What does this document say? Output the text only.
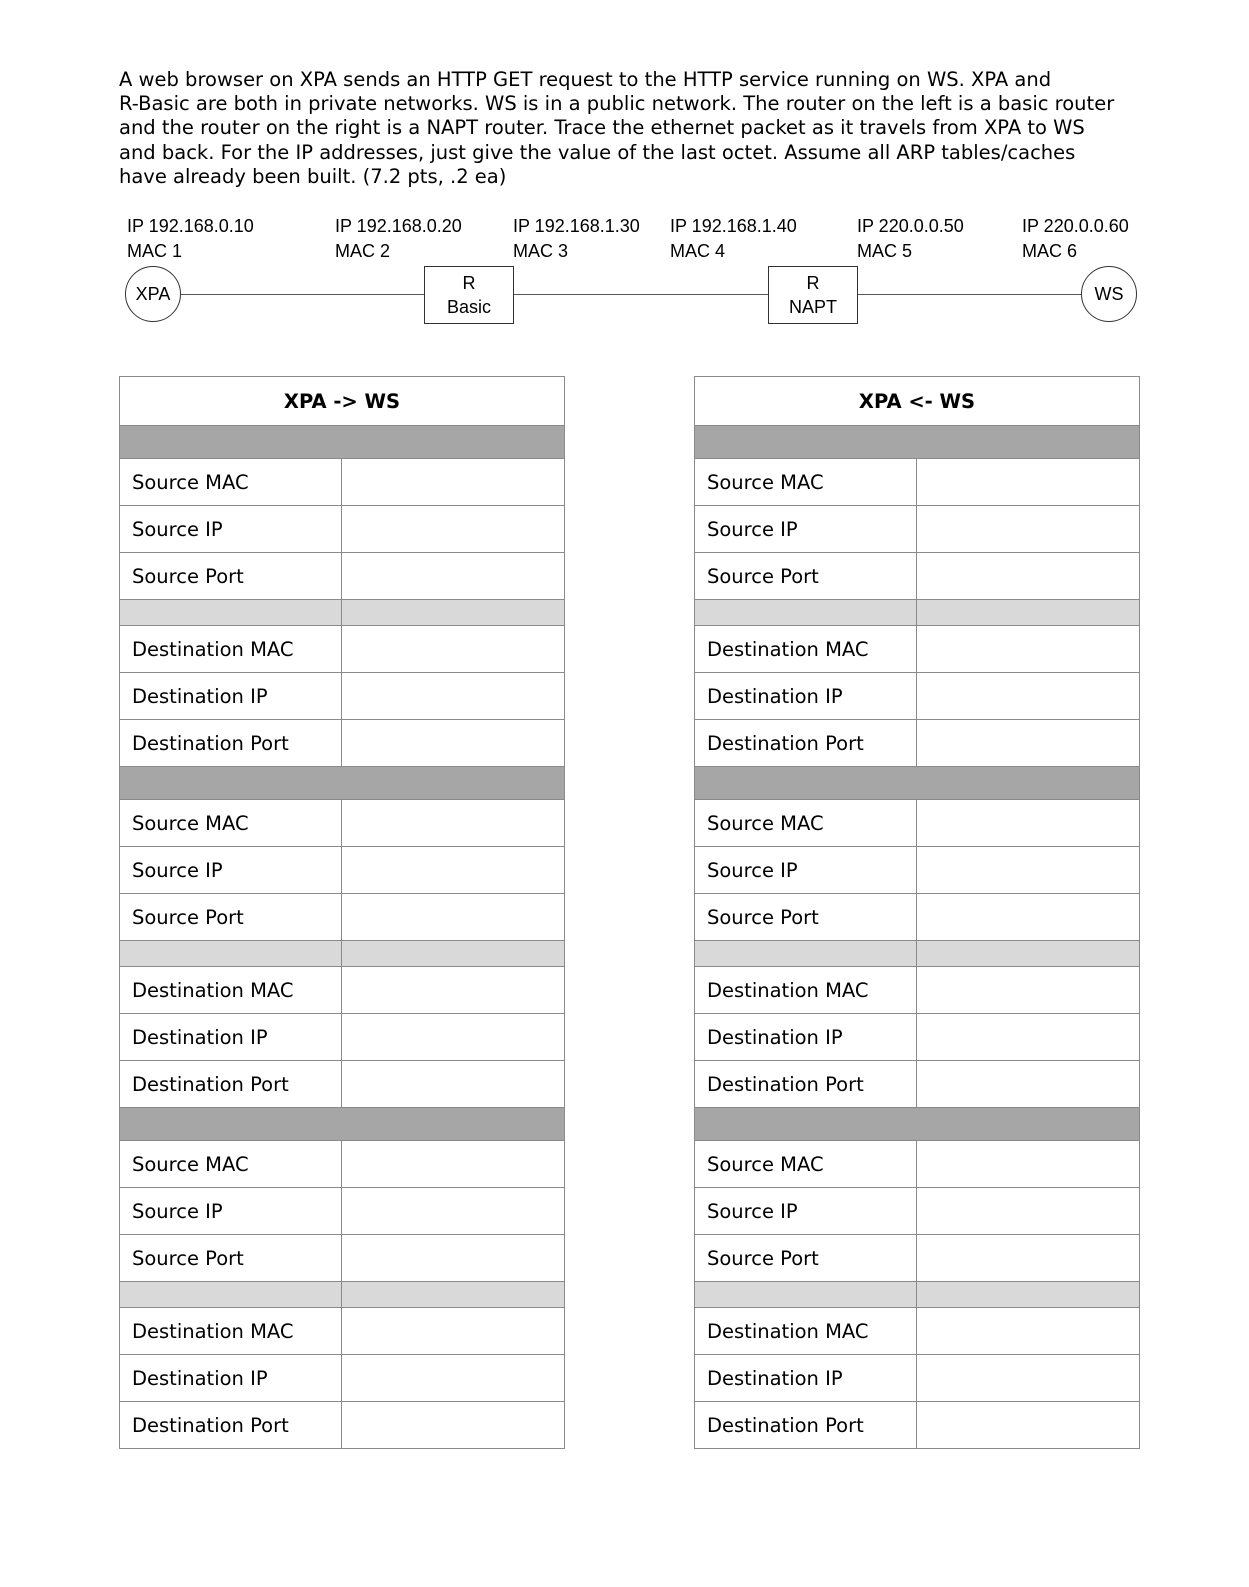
A web browser on XPA sends an HTTP GET request to the HTTP service running on WS. XPA and
R-Basic are both in private networks. WS is in a public network. The router on the left is a basic router
and the router on the right is a NAPT router. Trace the ethernet packet as it travels from XPA to WS
and back. For the IP addresses, just give the value of the last octet. Assume all ARP tables/caches
have already been built. (7.2 pts, .2 ea)
IP 192.168.0.10
MAC 1
IP 192.168.0.20
MAC 2
IP 192.168.1.30
MAC 3
IP 192.168.1.40
MAC 4
IP 220.0.0.50
MAC 5
IP 220.0.0.60
MAC 6
XPA
R
Basic
R
NAPT
WS
XPA -> WS	

Source MAC	
Source IP	
Source Port	

Destination MAC	
Destination IP	
Destination Port	

Source MAC	
Source IP	
Source Port	

Destination MAC	
Destination IP	
Destination Port	

Source MAC	
Source IP	
Source Port	

Destination MAC	
Destination IP	
Destination Port	
XPA <- WS	

Source MAC	
Source IP	
Source Port	

Destination MAC	
Destination IP	
Destination Port	

Source MAC	
Source IP	
Source Port	

Destination MAC	
Destination IP	
Destination Port	

Source MAC	
Source IP	
Source Port	

Destination MAC	
Destination IP	
Destination Port	
